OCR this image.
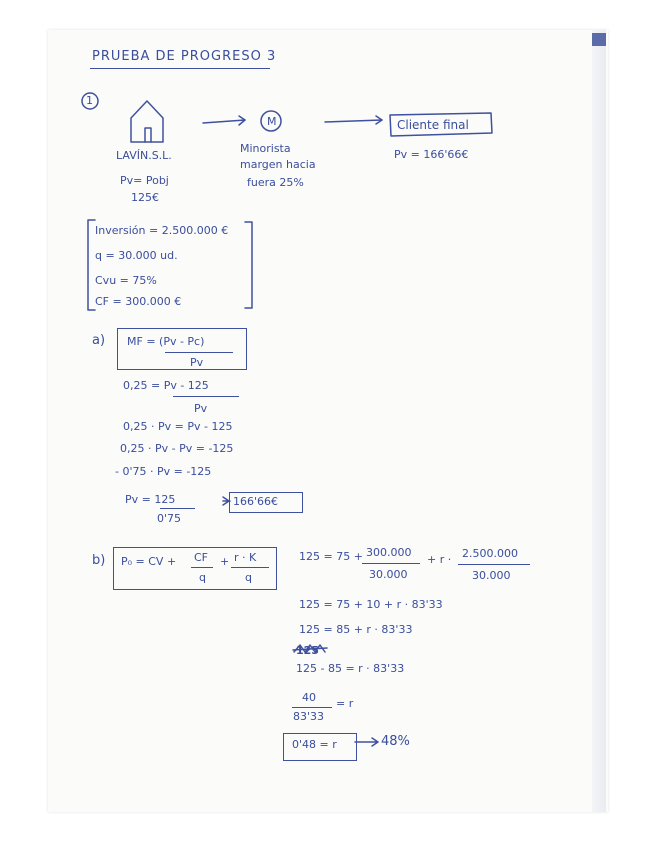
PRUEBA DE PROGRESO 3
1
M
LAVÍN.S.L.
Pv= Pobj
125€
Minorista
margen hacia
fuera 25%
Cliente final
Pv = 166'66€
Inversión = 2.500.000 €
q = 30.000 ud.
Cvu = 75%
CF = 300.000 €
a) MF = (Pv - Pc)
Pv
0,25 = Pv - 125
Pv
0,25 · Pv = Pv - 125
0,25 · Pv - Pv = -125
- 0'75 · Pv = -125
Pv = 125
0'75
166'66€
b) P₀ = CV + CF
q
+ r · K
q
125 = 75 + 300.000
30.000
+ r · 2.500.000
30.000
125 = 75 + 10 + r · 83'33
125 = 85 + r · 83'33
125
125 - 85 = r · 83'33
40
83'33
= r
0'48 = r	48%
